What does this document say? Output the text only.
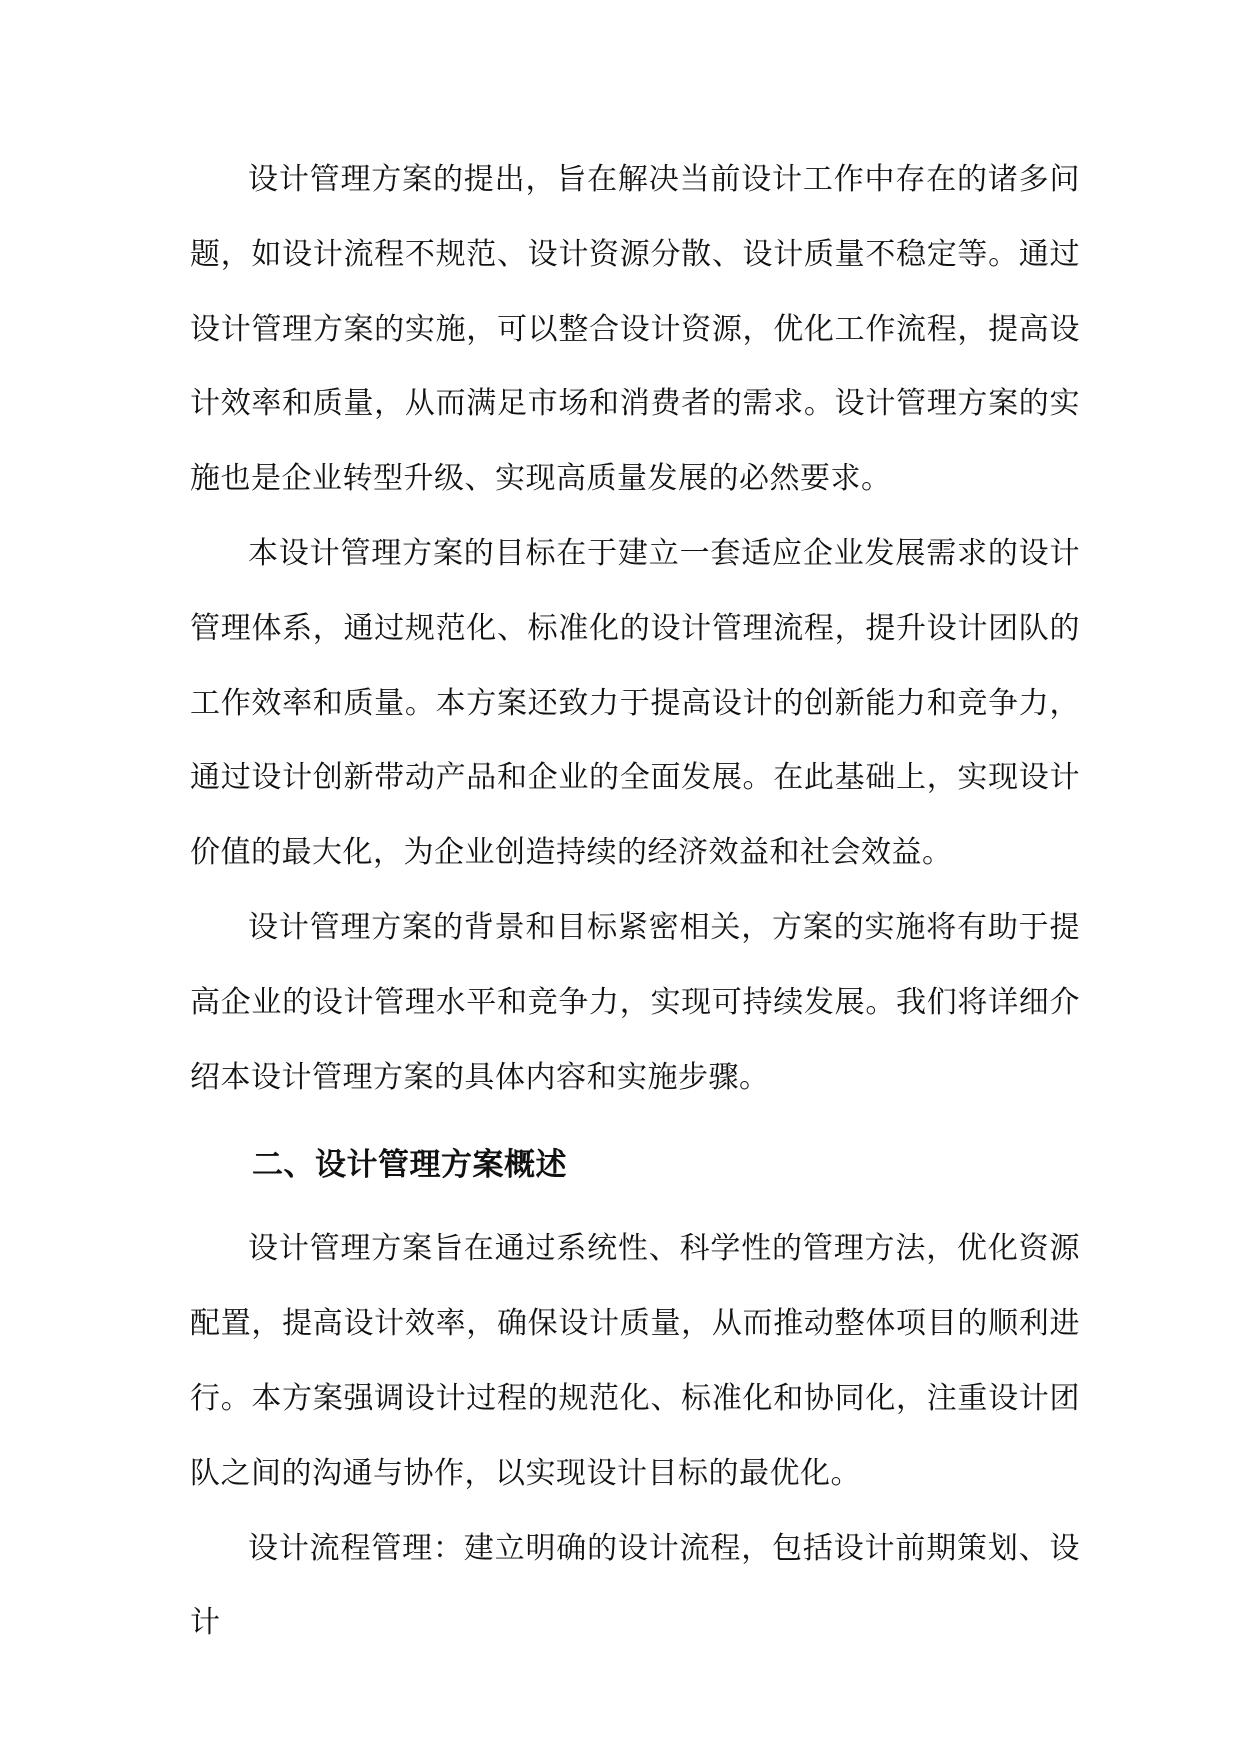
设计管理方案的提出，旨在解决当前设计工作中存在的诸多问题，如设计流程不规范、设计资源分散、设计质量不稳定等。通过设计管理方案的实施，可以整合设计资源，优化工作流程，提高设计效率和质量，从而满足市场和消费者的需求。设计管理方案的实施也是企业转型升级、实现高质量发展的必然要求。

本设计管理方案的目标在于建立一套适应企业发展需求的设计管理体系，通过规范化、标准化的设计管理流程，提升设计团队的工作效率和质量。本方案还致力于提高设计的创新能力和竞争力，通过设计创新带动产品和企业的全面发展。在此基础上，实现设计价值的最大化，为企业创造持续的经济效益和社会效益。

设计管理方案的背景和目标紧密相关，方案的实施将有助于提高企业的设计管理水平和竞争力，实现可持续发展。我们将详细介绍本设计管理方案的具体内容和实施步骤。

二、设计管理方案概述

设计管理方案旨在通过系统性、科学性的管理方法，优化资源配置，提高设计效率，确保设计质量，从而推动整体项目的顺利进行。本方案强调设计过程的规范化、标准化和协同化，注重设计团队之间的沟通与协作，以实现设计目标的最优化。

设计流程管理：建立明确的设计流程，包括设计前期策划、设计
